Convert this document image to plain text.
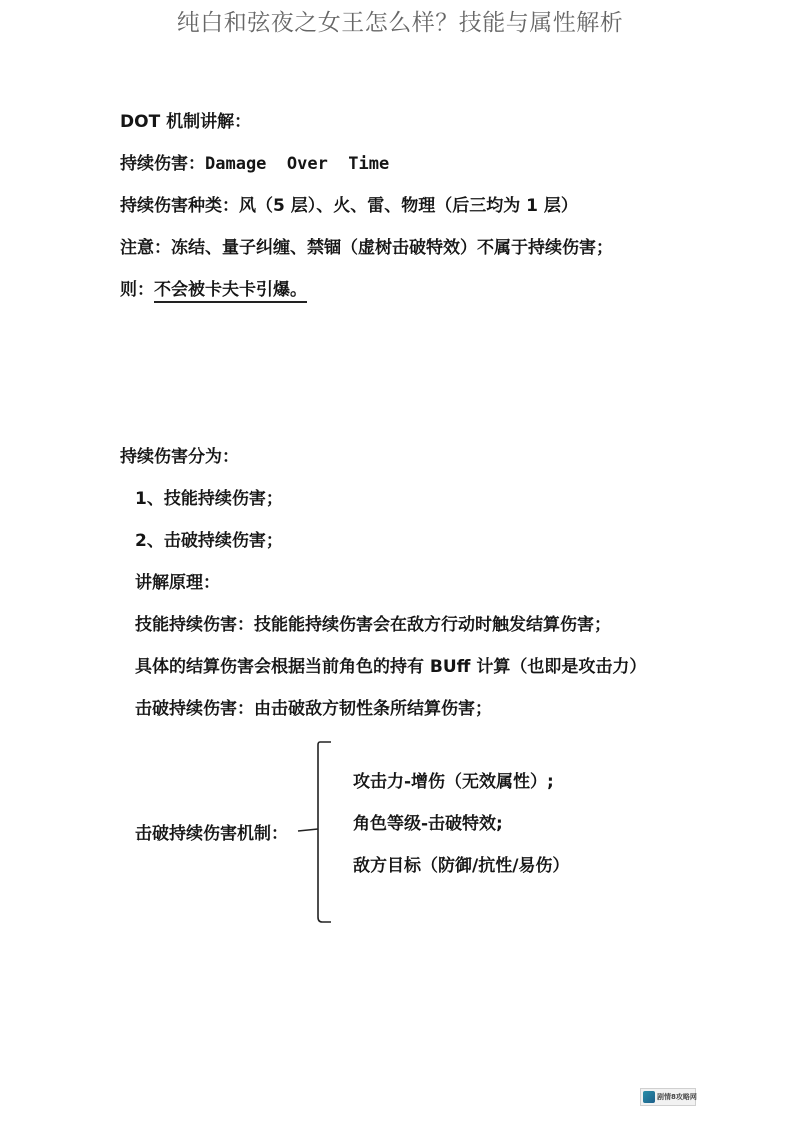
纯白和弦夜之女王怎么样？技能与属性解析
DOT 机制讲解：
持续伤害：Damage  Over  Time
持续伤害种类：风（5 层）、火、雷、物理（后三均为 1 层）
注意：冻结、量子纠缠、禁锢（虚树击破特效）不属于持续伤害；
则：不会被卡夫卡引爆。
持续伤害分为：
1、技能持续伤害；
2、击破持续伤害；
讲解原理：
技能持续伤害：技能能持续伤害会在敌方行动时触发结算伤害；
具体的结算伤害会根据当前角色的持有 BUff 计算（也即是攻击力）
击破持续伤害：由击破敌方韧性条所结算伤害；
击破持续伤害机制：
攻击力-增伤（无效属性）;
角色等级-击破特效;
敌方目标（防御/抗性/易伤）
剧情8攻略网
